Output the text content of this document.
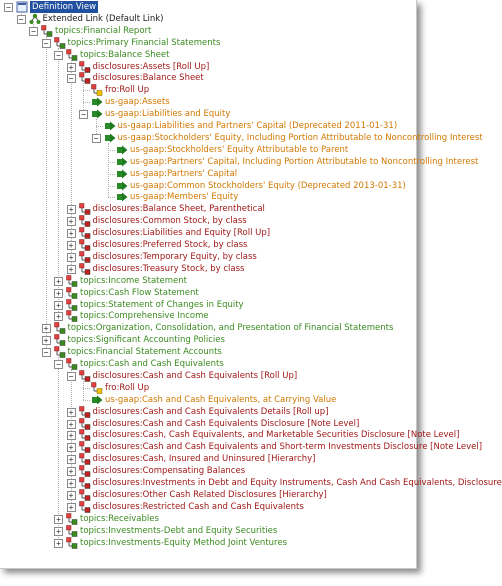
− Definition View
− Extended Link (Default Link)
− topics:Financial Report
− topics:Primary Financial Statements
− topics:Balance Sheet
+ disclosures:Assets [Roll Up]
− disclosures:Balance Sheet
fro:Roll Up
us-gaap:Assets
− us-gaap:Liabilities and Equity
us-gaap:Liabilities and Partners' Capital (Deprecated 2011-01-31)
− us-gaap:Stockholders' Equity, Including Portion Attributable to Noncontrolling Interest
us-gaap:Stockholders' Equity Attributable to Parent
us-gaap:Partners' Capital, Including Portion Attributable to Noncontrolling Interest
us-gaap:Partners' Capital
us-gaap:Common Stockholders' Equity (Deprecated 2013-01-31)
us-gaap:Members' Equity
+ disclosures:Balance Sheet, Parenthetical
+ disclosures:Common Stock, by class
+ disclosures:Liabilities and Equity [Roll Up]
+ disclosures:Preferred Stock, by class
+ disclosures:Temporary Equity, by class
+ disclosures:Treasury Stock, by class
+ topics:Income Statement
+ topics:Cash Flow Statement
+ topics:Statement of Changes in Equity
+ topics:Comprehensive Income
+ topics:Organization, Consolidation, and Presentation of Financial Statements
+ topics:Significant Accounting Policies
− topics:Financial Statement Accounts
− topics:Cash and Cash Equivalents
− disclosures:Cash and Cash Equivalents [Roll Up]
fro:Roll Up
us-gaap:Cash and Cash Equivalents, at Carrying Value
+ disclosures:Cash and Cash Equivalents Details [Roll up]
+ disclosures:Cash and Cash Equivalents Disclosure [Note Level]
+ disclosures:Cash, Cash Equivalents, and Marketable Securities Disclosure [Note Level]
+ disclosures:Cash and Cash Equivalents and Short-term Investments Disclosure [Note Level]
+ disclosures:Cash, Insured and Uninsured [Hierarchy]
+ disclosures:Compensating Balances
+ disclosures:Investments in Debt and Equity Instruments, Cash And Cash Equivalents, Disclosure
+ disclosures:Other Cash Related Disclosures [Hierarchy]
+ disclosures:Restricted Cash and Cash Equivalents
+ topics:Receivables
+ topics:Investments-Debt and Equity Securities
+ topics:Investments-Equity Method Joint Ventures
